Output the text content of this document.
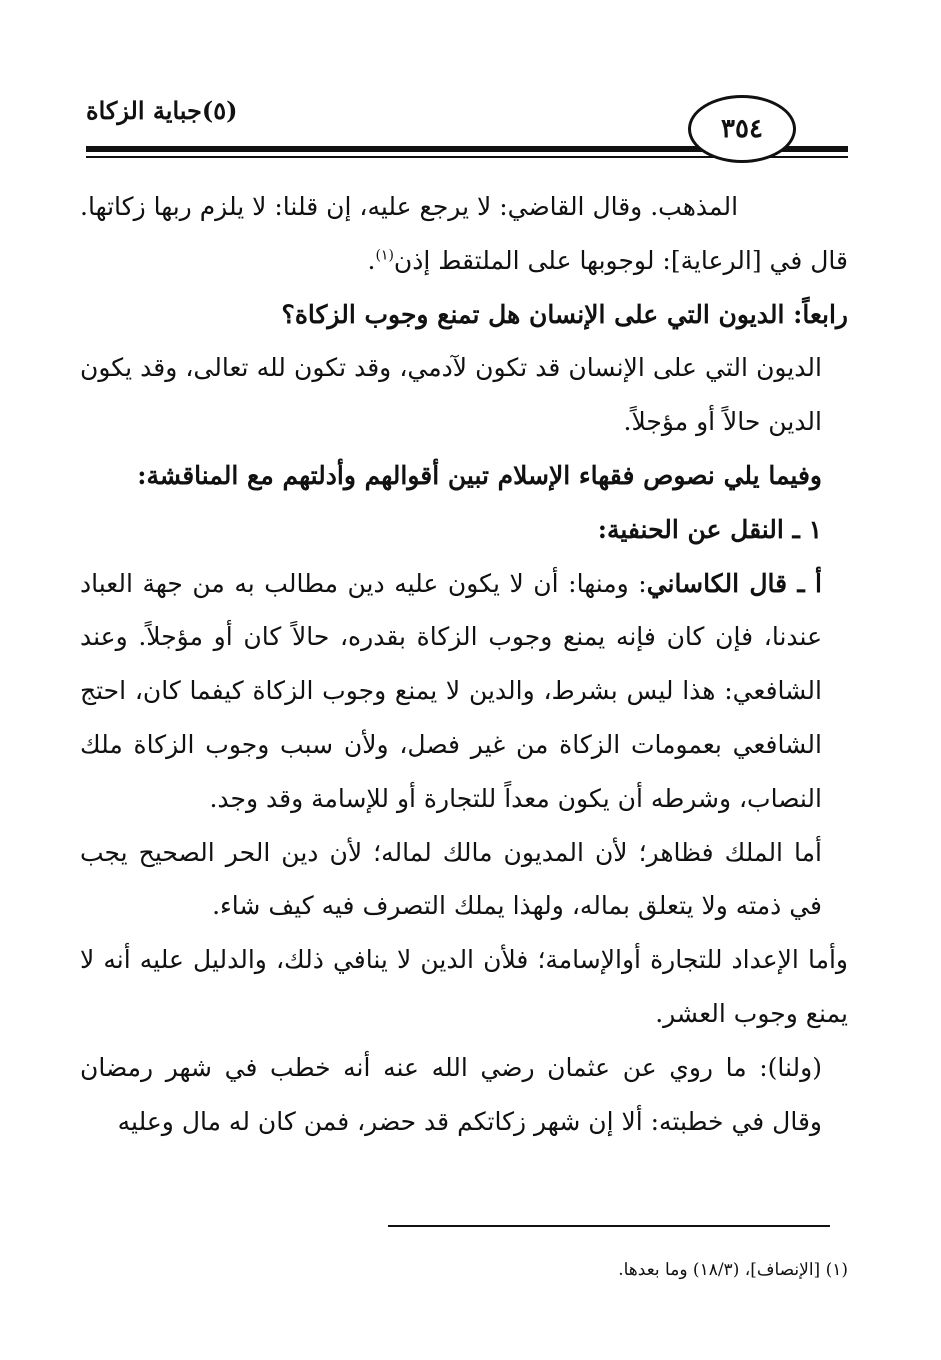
٣٥٤
(٥)جباية الزكاة

المذهب. وقال القاضي: لا يرجع عليه، إن قلنا: لا يلزم ربها زكاتها.

قال في [الرعاية]: لوجوبها على الملتقط إذن$^{(١)}$.

رابعاً: الديون التي على الإنسان هل تمنع وجوب الزكاة؟

الديون التي على الإنسان قد تكون لآدمي، وقد تكون لله تعالى، وقد يكون الدين حالاً أو مؤجلاً.

وفيما يلي نصوص فقهاء الإسلام تبين أقوالهم وأدلتهم مع المناقشة:

١ ـ النقل عن الحنفية:

أ ـ قال الكاساني: ومنها: أن لا يكون عليه دين مطالب به من جهة العباد عندنا، فإن كان فإنه يمنع وجوب الزكاة بقدره، حالاً كان أو مؤجلاً. وعند الشافعي: هذا ليس بشرط، والدين لا يمنع وجوب الزكاة كيفما كان، احتج الشافعي بعمومات الزكاة من غير فصل، ولأن سبب وجوب الزكاة ملك النصاب، وشرطه أن يكون معداً للتجارة أو للإسامة وقد وجد.

أما الملك فظاهر؛ لأن المديون مالك لماله؛ لأن دين الحر الصحيح يجب في ذمته ولا يتعلق بماله، ولهذا يملك التصرف فيه كيف شاء.

وأما الإعداد للتجارة أوالإسامة؛ فلأن الدين لا ينافي ذلك، والدليل عليه أنه لا يمنع وجوب العشر.

(ولنا): ما روي عن عثمان رضي الله عنه أنه خطب في شهر رمضان وقال في خطبته: ألا إن شهر زكاتكم قد حضر، فمن كان له مال وعليه

(١) [الإنصاف]، (١٨/٣) وما بعدها.
